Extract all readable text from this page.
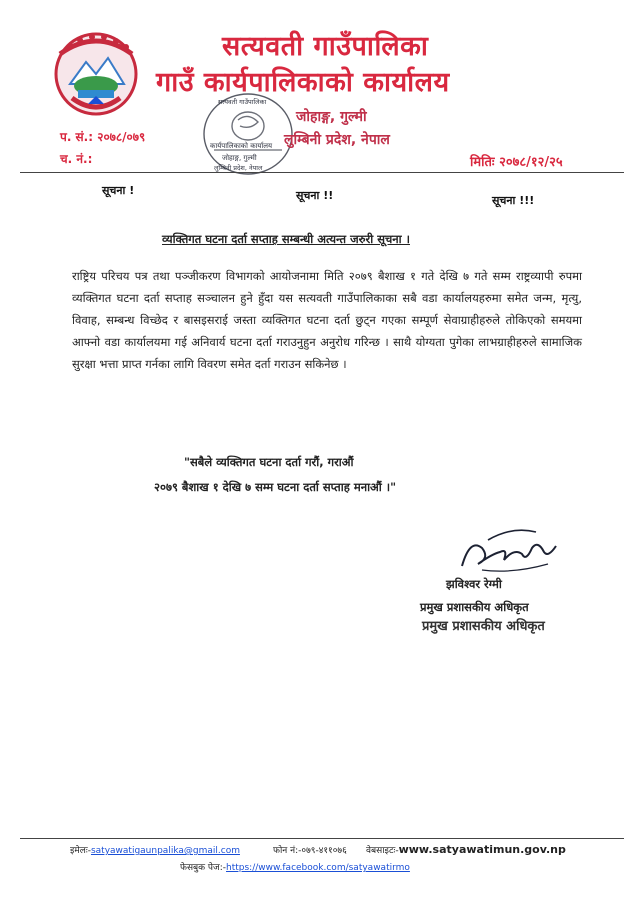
सत्यवती गाउँपालिका
गाउँ कार्यपालिकाको कार्यालय
कार्यपालिकाको कार्यालय
जोहाङ्ग, गुल्मी
लुम्बिनी प्रदेश, नेपाल
सत्यवती गाउँपालिका
जोहाङ्ग, गुल्मी
लुम्बिनी प्रदेश, नेपाल
प. सं.: २०७८/०७९
च. नं.:	मितिः २०७८/१२/२५
सूचना !	सूचना !!	सूचना !!!
व्यक्तिगत घटना दर्ता सप्ताह सम्बन्धी अत्यन्त जरुरी सूचना ।
राष्ट्रिय परिचय पत्र तथा पञ्जीकरण विभागको आयोजनामा मिति २०७९ बैशाख १ गते देखि ७ गते सम्म राष्ट्रव्यापी रुपमा व्यक्तिगत घटना दर्ता सप्ताह सञ्चालन हुने हुँदा यस सत्यवती गाउँपालिकाका सबै वडा कार्यालयहरुमा समेत जन्म, मृत्यु, विवाह, सम्बन्ध विच्छेद र बासइसराई जस्ता व्यक्तिगत घटना दर्ता छुट्न गएका सम्पूर्ण सेवाग्राहीहरुले तोकिएको समयमा आफ्नो वडा कार्यालयमा गई अनिवार्य घटना दर्ता गराउनुहुन अनुरोध गरिन्छ । साथै योग्यता पुगेका लाभग्राहीहरुले सामाजिक सुरक्षा भत्ता प्राप्त गर्नका लागि विवरण समेत दर्ता गराउन सकिनेछ ।
"सबैले व्यक्तिगत घटना दर्ता गरौं, गराऔं
२०७९ बैशाख १ देखि ७ सम्म घटना दर्ता सप्ताह मनाऔं ।"
झविश्वर रेग्मी
प्रमुख प्रशासकीय अधिकृत
प्रमुख प्रशासकीय अधिकृत
इमेलः-satyawatigaunpalika@gmail.com	फोन नं:-०७९-४११०७६ वेबसाइटः-www.satyawatimun.gov.np
फेसबुक पेज:-https://www.facebook.com/satyawatirmo
